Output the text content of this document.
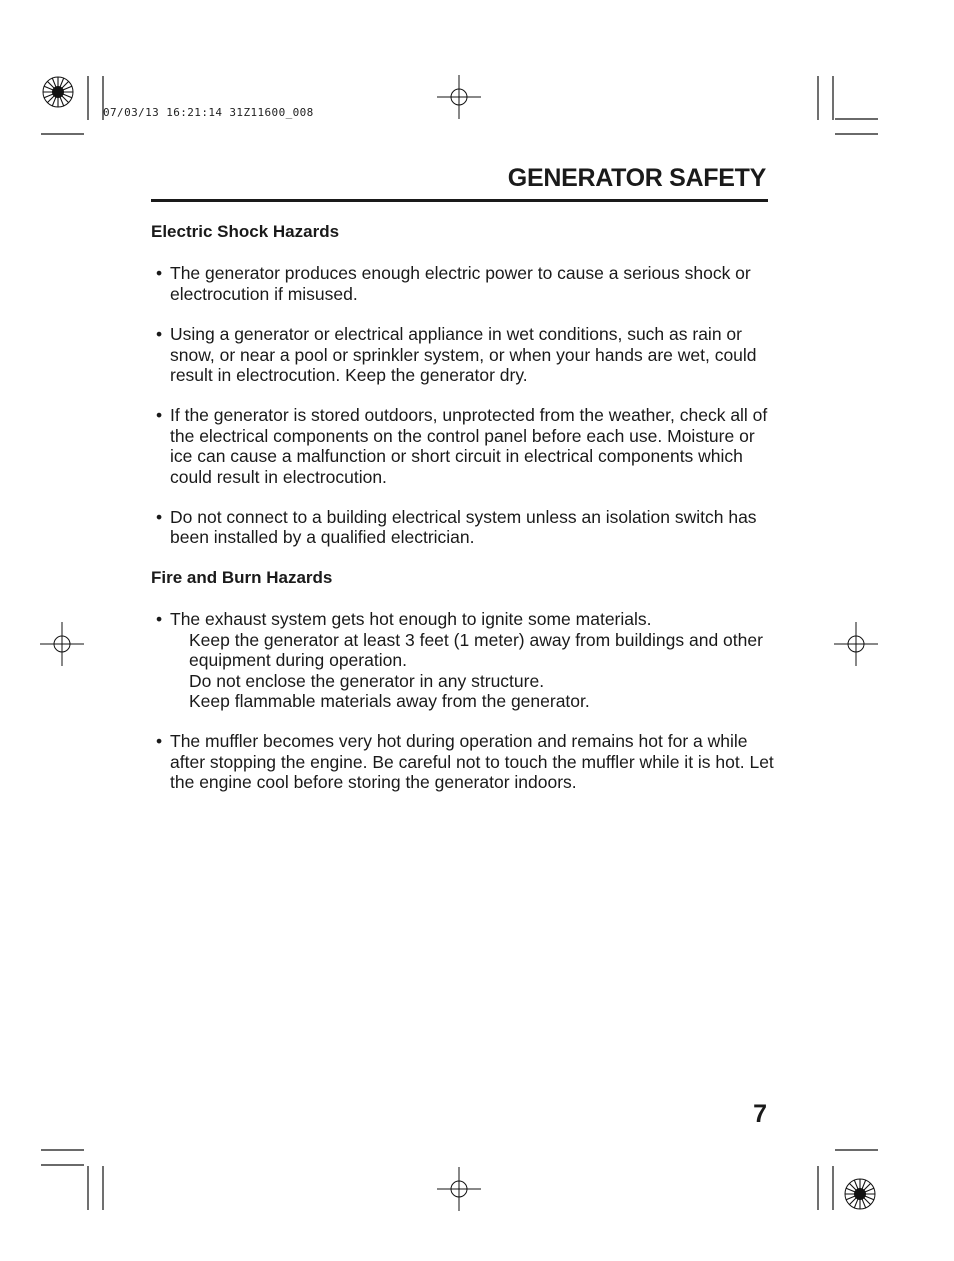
07/03/13 16:21:14 31Z11600_008
GENERATOR SAFETY

Electric Shock Hazards

• The generator produces enough electric power to cause a serious shock or electrocution if misused.

• Using a generator or electrical appliance in wet conditions, such as rain or snow, or near a pool or sprinkler system, or when your hands are wet, could result in electrocution. Keep the generator dry.

• If the generator is stored outdoors, unprotected from the weather, check all of the electrical components on the control panel before each use. Moisture or ice can cause a malfunction or short circuit in electrical components which could result in electrocution.

• Do not connect to a building electrical system unless an isolation switch has been installed by a qualified electrician.

Fire and Burn Hazards

• The exhaust system gets hot enough to ignite some materials.
Keep the generator at least 3 feet (1 meter) away from buildings and other equipment during operation.
Do not enclose the generator in any structure.
Keep flammable materials away from the generator.

• The muffler becomes very hot during operation and remains hot for a while after stopping the engine. Be careful not to touch the muffler while it is hot. Let the engine cool before storing the generator indoors.

7
